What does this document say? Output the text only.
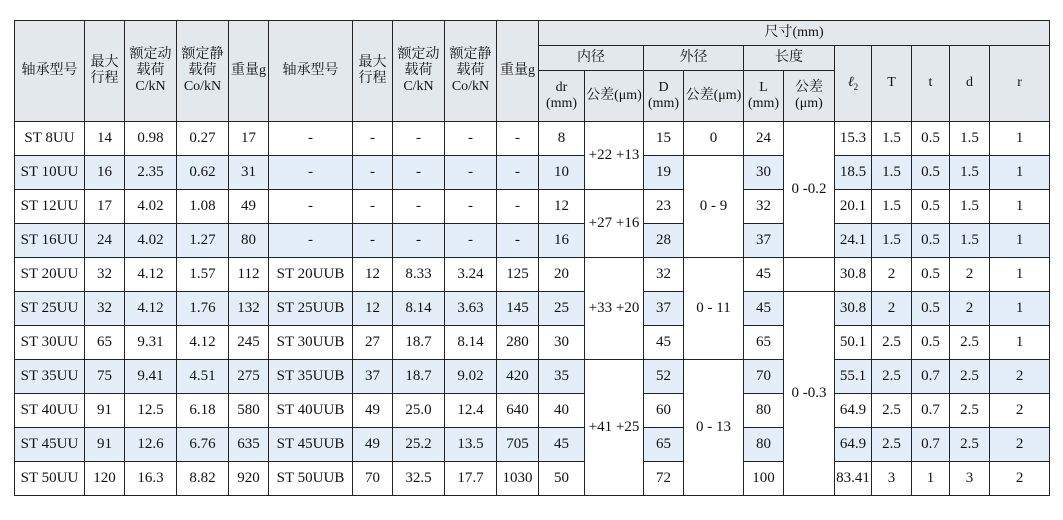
轴承型号	最大行程	额定动载荷C/kN	额定静载荷Co/kN	重量g	轴承型号	最大行程	额定动载荷C/kN	额定静载荷Co/kN	重量g	尺寸(mm)										
										内径		外径		长度		ℓ$_2$	T	t	d	r
										dr (mm)	公差(μm)	D (mm)	公差(μm)	L (mm)	公差(μm)					
ST 8UU	14	0.98	0.27	17	-	-	-	-	-	8	+22 +13	15	0	24	0 -0.2	15.3	1.5	0.5	1.5	1
ST 10UU	16	2.35	0.62	31	-	-	-	-	-	10		19	0 - 9	30		18.5	1.5	0.5	1.5	1
ST 12UU	17	4.02	1.08	49	-	-	-	-	-	12	+27 +16	23		32		20.1	1.5	0.5	1.5	1
ST 16UU	24	4.02	1.27	80	-	-	-	-	-	16		28		37		24.1	1.5	0.5	1.5	1
ST 20UU	32	4.12	1.57	112	ST 20UUB	12	8.33	3.24	125	20	+33 +20	32	0 - 11	45		30.8	2	0.5	2	1
ST 25UU	32	4.12	1.76	132	ST 25UUB	12	8.14	3.63	145	25		37		45	0 -0.3	30.8	2	0.5	2	1
ST 30UU	65	9.31	4.12	245	ST 30UUB	27	18.7	8.14	280	30		45		65		50.1	2.5	0.5	2.5	1
ST 35UU	75	9.41	4.51	275	ST 35UUB	37	18.7	9.02	420	35	+41 +25	52	0 - 13	70		55.1	2.5	0.7	2.5	2
ST 40UU	91	12.5	6.18	580	ST 40UUB	49	25.0	12.4	640	40		60		80		64.9	2.5	0.7	2.5	2
ST 45UU	91	12.6	6.76	635	ST 45UUB	49	25.2	13.5	705	45		65		80		64.9	2.5	0.7	2.5	2
ST 50UU	120	16.3	8.82	920	ST 50UUB	70	32.5	17.7	1030	50		72		100		83.41	3	1	3	2
